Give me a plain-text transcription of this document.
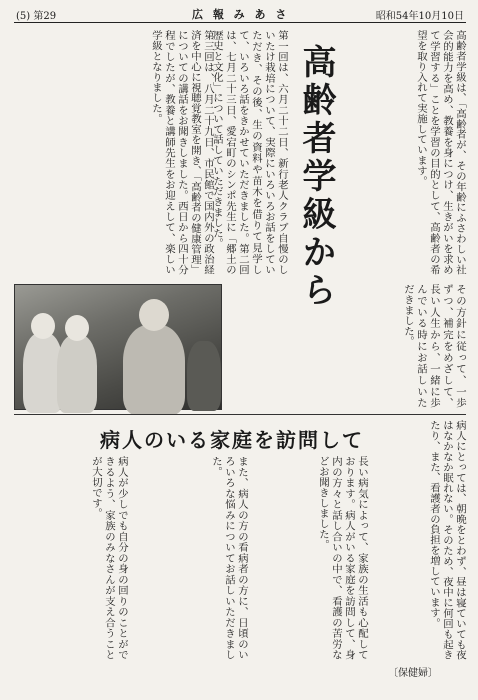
(5) 第29	広 報 み あ さ	昭和54年10月10日
高齢者学級から	高齢者学級は、「高齢者が、その年齢にふさわしい社会的能力を高め、教養を身につけ、生きがいを求めて学習する」ことを学習の目的として、高齢者の希望を取り入れて実施しています。
第一回は、六月二十二日、新行老人クラブ自慢のしいたけ栽培について、実際にいろいろお話をしていただき、その後、生の資料や苗木を借りて見学して、いろいろ話をきかせていただきました。第二回は、七月二十三日、愛宕町のシンポ先生に「郷土の歴史と文化」について話していただきました。
第三回は、八月二十九日、市民館で国内外の政治経済を中心に視聴覚教室を開き、「高齢者の健康管理」についての講話をお聞きしました。西日から四十分程でしたが、教養と講師先生をお迎えして、楽しい学級となりました。
その方針に従って、一歩ずつ、補完をめざして、長い人生から、一緒に歩んでいる時にお話しいただきました。
病人のいる家庭を訪問して	病人にとっては、朝晩をとわず、昼は寝ていても夜はなかなか眠れない。そのため、夜中に何回も起きたり、また、看護者の負担を増しています。
長い病気によって、家族の生活も心配しております。病人がいる家庭を訪問して、身内の方々と話し合いの中で、看護の苦労などお聞きしました。
また、病人の方の看病者の方に、日頃のいろいろな悩みについてお話しいただきました。
病人が少しでも自分の身の回りのことができるよう、家族のみなさんが支え合うことが大切です。
〔保健婦〕
